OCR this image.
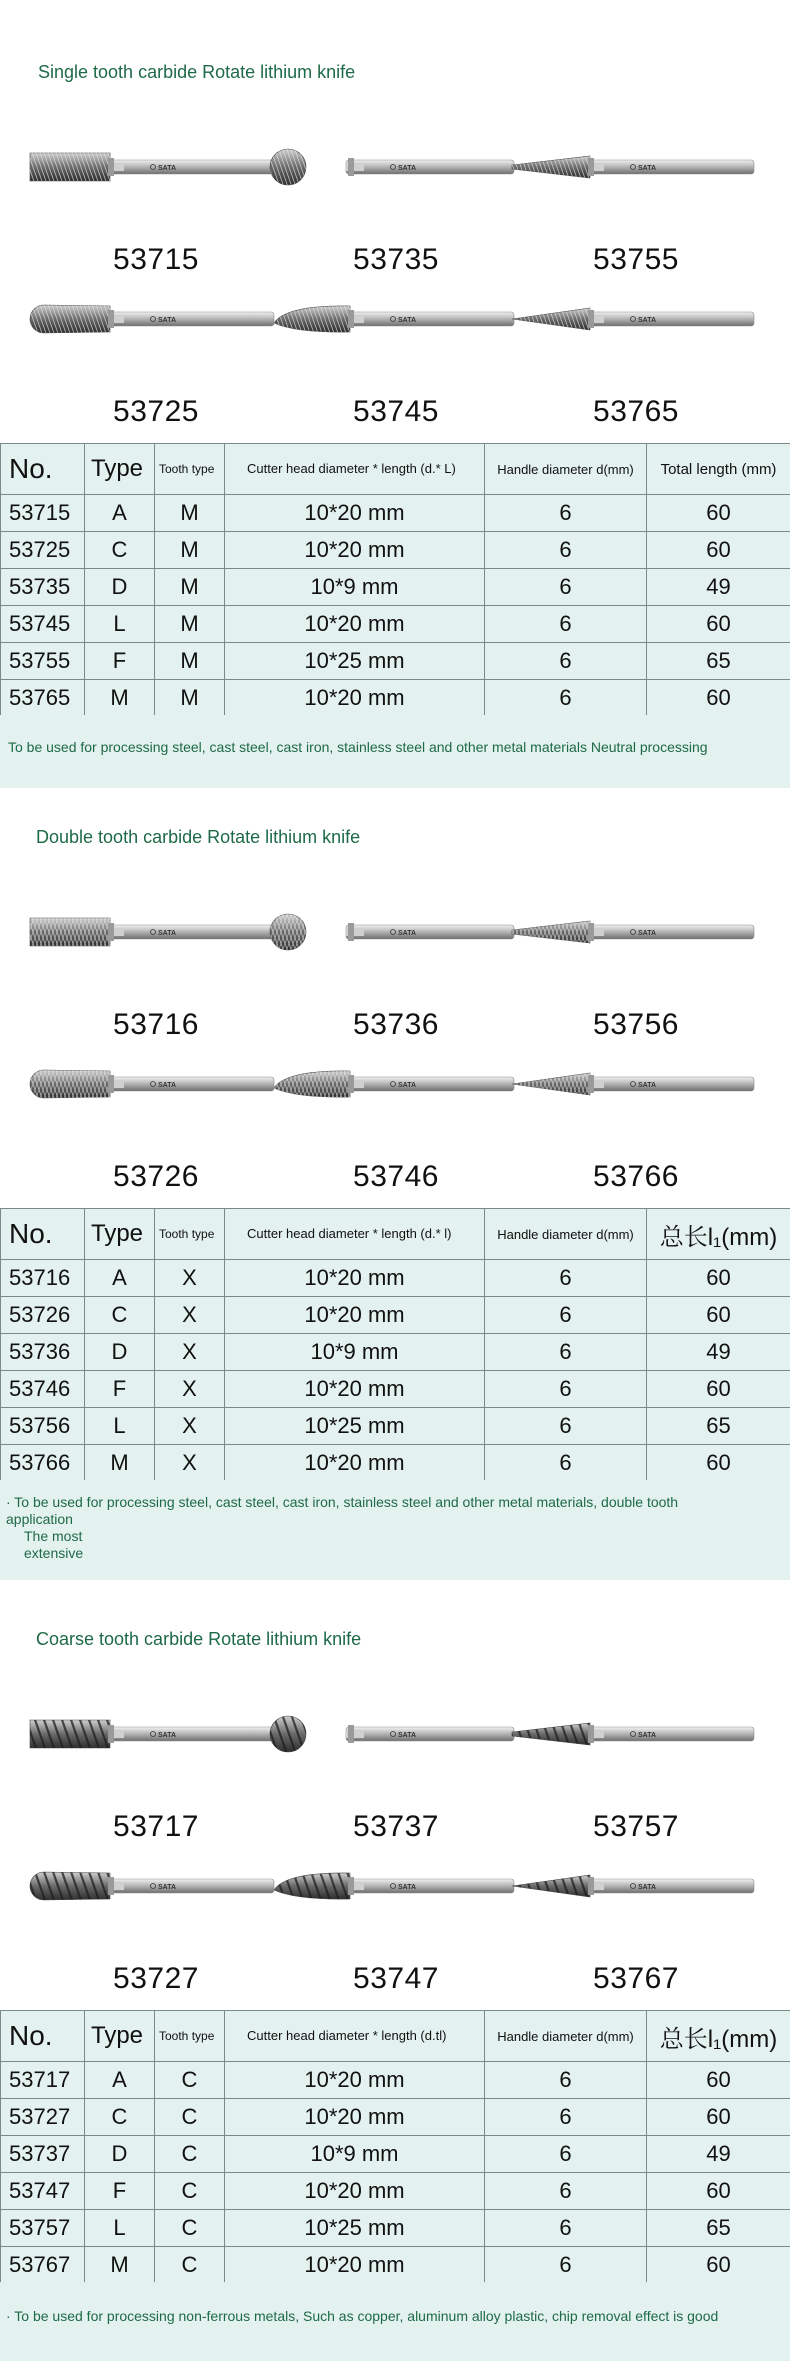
Single tooth carbide Rotate lithium knife
SATA
53715
SATA
53735
SATA
53755
SATA
53725
SATA
53745
SATA
53765
No.	Type	Tooth type	Cutter head diameter * length (d.* L)	Handle diameter d(mm)	Total length (mm)
53715	A	M	10*20 mm	6	60
53725	C	M	10*20 mm	6	60
53735	D	M	10*9 mm	6	49
53745	L	M	10*20 mm	6	60
53755	F	M	10*25 mm	6	65
53765	M	M	10*20 mm	6	60
To be used for processing steel, cast steel, cast iron, stainless steel and other metal materials Neutral processing
Double tooth carbide Rotate lithium knife
SATA
53716
SATA
53736
SATA
53756
SATA
53726
SATA
53746
SATA
53766
No.	Type	Tooth type	Cutter head diameter * length (d.* l)	Handle diameter d(mm)	总长l₁(mm)
53716	A	X	10*20 mm	6	60
53726	C	X	10*20 mm	6	60
53736	D	X	10*9 mm	6	49
53746	F	X	10*20 mm	6	60
53756	L	X	10*25 mm	6	65
53766	M	X	10*20 mm	6	60
· To be used for processing steel, cast steel, cast iron, stainless steel and other metal materials, double tooth
application
The most
extensive
Coarse tooth carbide Rotate lithium knife
SATA
53717
SATA
53737
SATA
53757
SATA
53727
SATA
53747
SATA
53767
No.	Type	Tooth type	Cutter head diameter * length (d.tl)	Handle diameter d(mm)	总长l₁(mm)
53717	A	C	10*20 mm	6	60
53727	C	C	10*20 mm	6	60
53737	D	C	10*9 mm	6	49
53747	F	C	10*20 mm	6	60
53757	L	C	10*25 mm	6	65
53767	M	C	10*20 mm	6	60
· To be used for processing non-ferrous metals, Such as copper, aluminum alloy plastic, chip removal effect is good
